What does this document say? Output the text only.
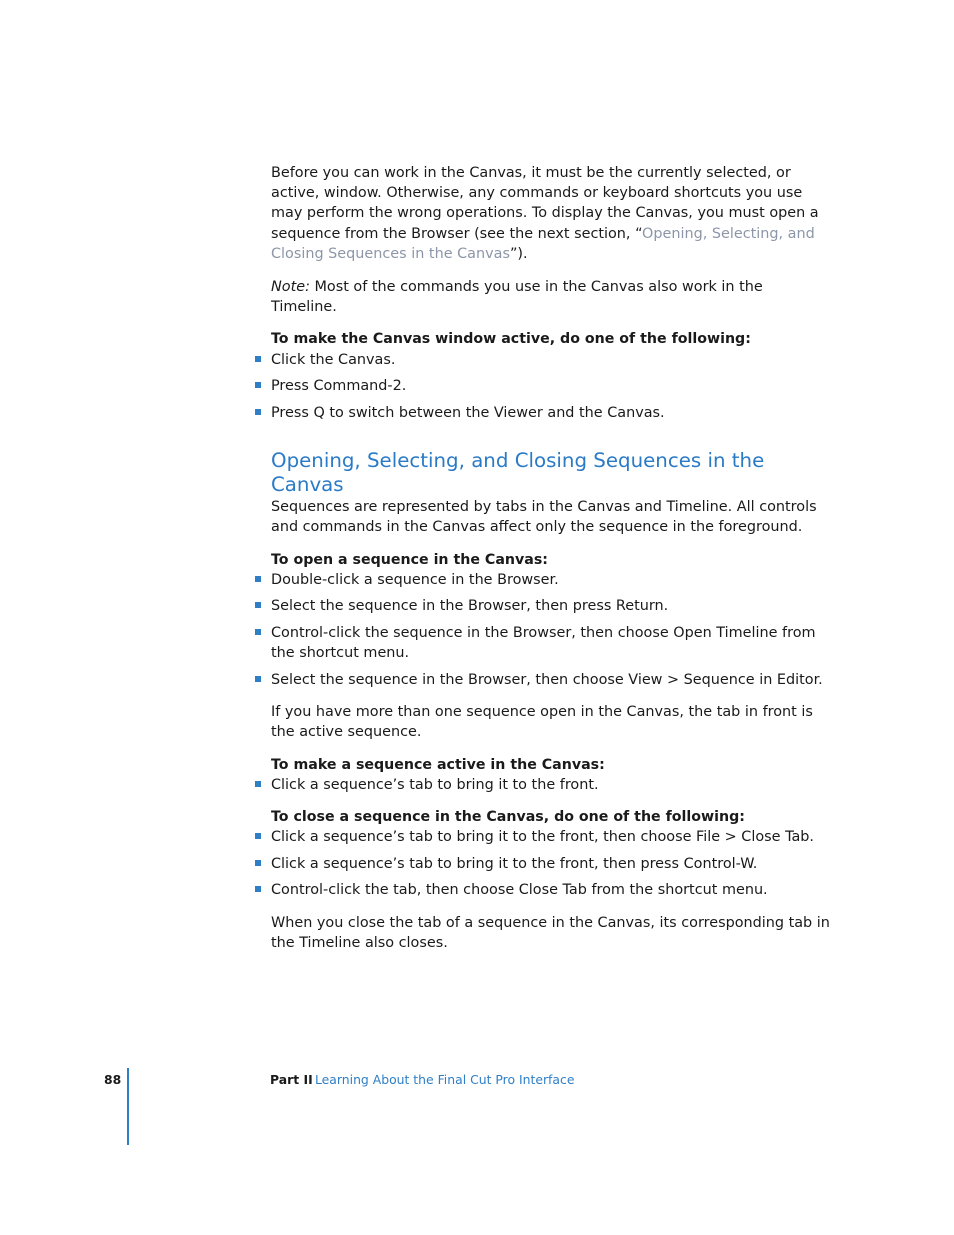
Before you can work in the Canvas, it must be the currently selected, or active, window. Otherwise, any commands or keyboard shortcuts you use may perform the wrong operations. To display the Canvas, you must open a sequence from the Browser (see the next section, “Opening, Selecting, and Closing Sequences in the Canvas”).

Note: Most of the commands you use in the Canvas also work in the Timeline.

To make the Canvas window active, do one of the following:

Click the Canvas.
Press Command-2.
Press Q to switch between the Viewer and the Canvas.
Opening, Selecting, and Closing Sequences in the Canvas

Sequences are represented by tabs in the Canvas and Timeline. All controls and commands in the Canvas affect only the sequence in the foreground.

To open a sequence in the Canvas:

Double-click a sequence in the Browser.
Select the sequence in the Browser, then press Return.
Control-click the sequence in the Browser, then choose Open Timeline from the shortcut menu.
Select the sequence in the Browser, then choose View > Sequence in Editor.

If you have more than one sequence open in the Canvas, the tab in front is the active sequence.

To make a sequence active in the Canvas:

Click a sequence’s tab to bring it to the front.

To close a sequence in the Canvas, do one of the following:

Click a sequence’s tab to bring it to the front, then choose File > Close Tab.
Click a sequence’s tab to bring it to the front, then press Control-W.
Control-click the tab, then choose Close Tab from the shortcut menu.

When you close the tab of a sequence in the Canvas, its corresponding tab in the Timeline also closes.

88	Part II Learning About the Final Cut Pro Interface
